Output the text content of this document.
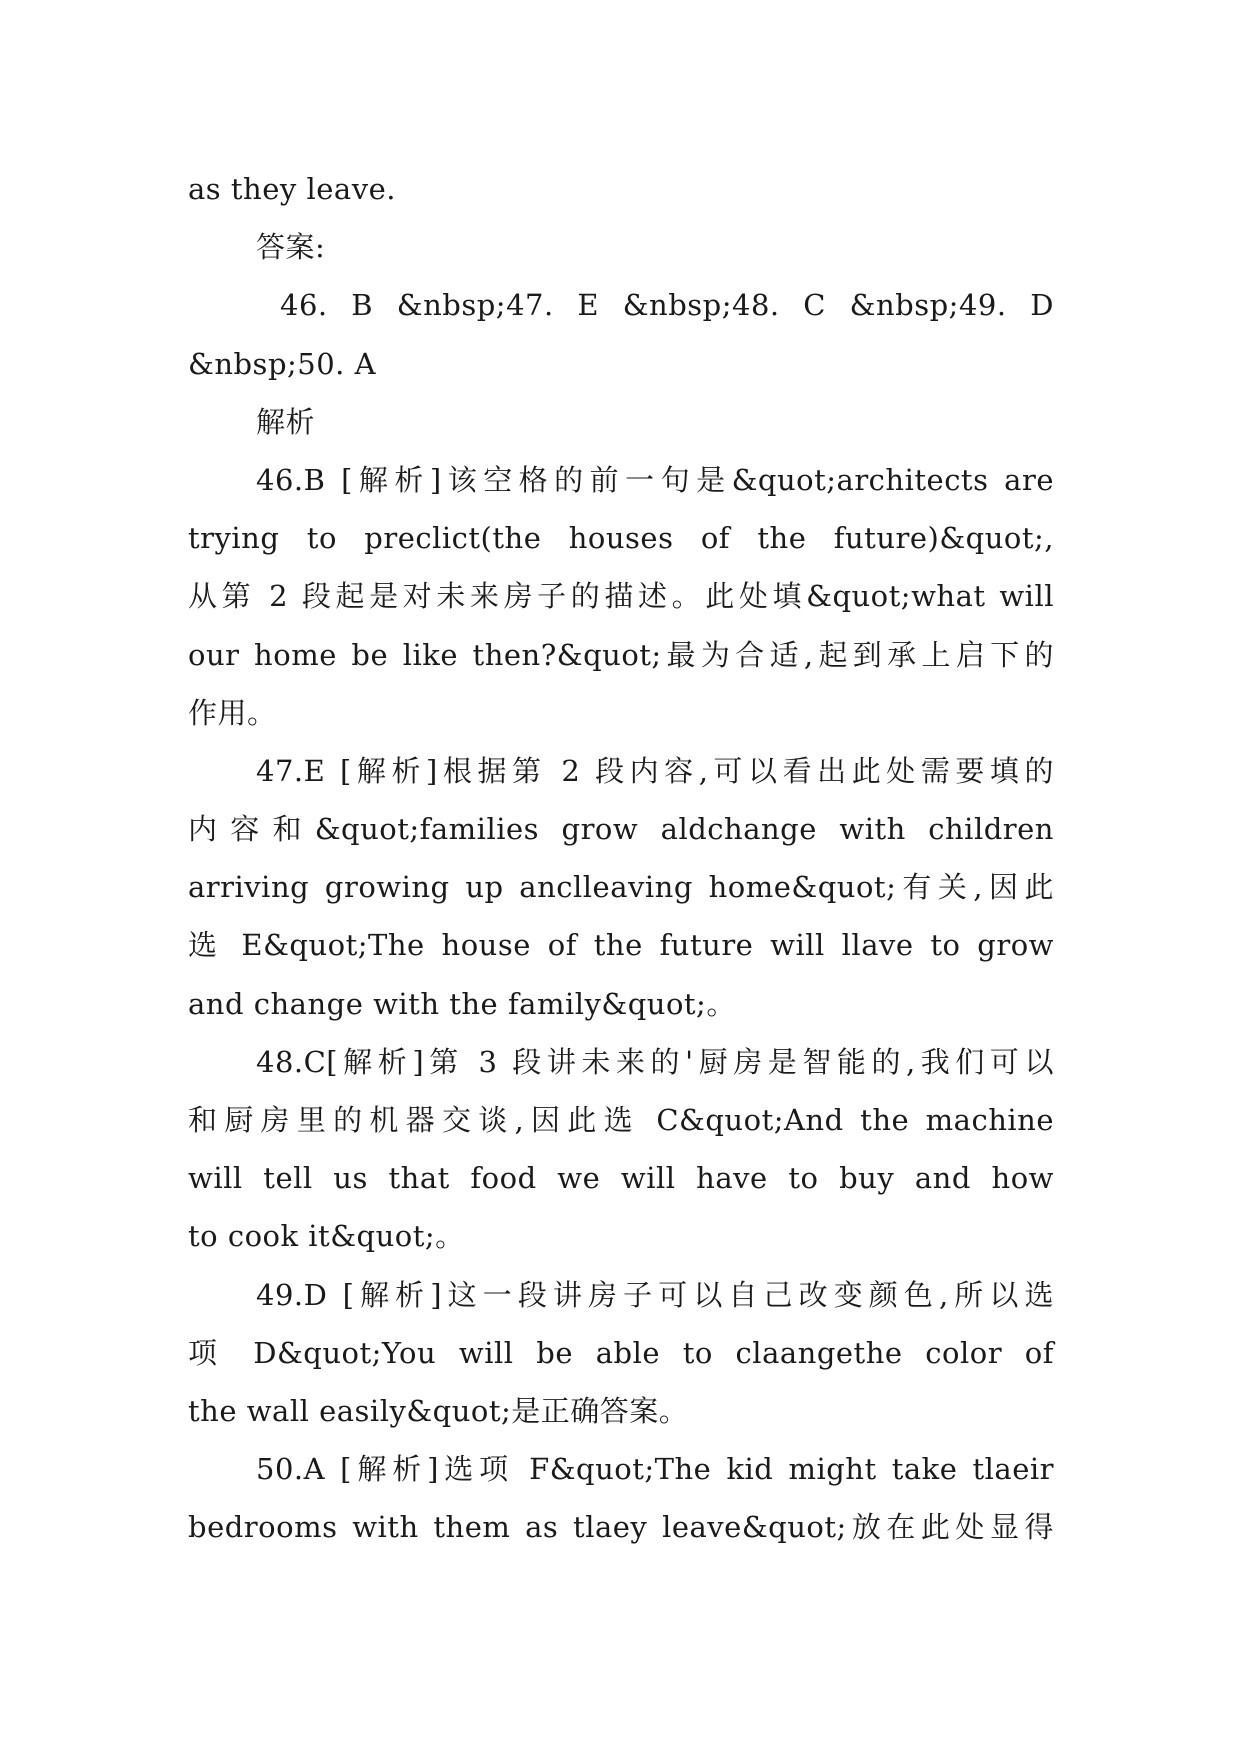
as they leave.
答案:
46. B &nbsp;47. E &nbsp;48. C &nbsp;49. D
&nbsp;50. A
解析
46.B [解析]该空格的前一句是&quot;architects are
trying to preclict(the houses of the future)&quot;,
从第 2 段起是对未来房子的描述。此处填&quot;what will
our home be like then?&quot;最为合适,起到承上启下的
作用。
47.E [解析]根据第 2 段内容,可以看出此处需要填的
内容和&quot;families grow aldchange with children
arriving growing up anclleaving home&quot;有关,因此
选 E&quot;The house of the future will llave to grow
and change with the family&quot;。
48.C[解析]第 3 段讲未来的'厨房是智能的,我们可以
和厨房里的机器交谈,因此选 C&quot;And the machine
will tell us that food we will have to buy and how
to cook it&quot;。
49.D [解析]这一段讲房子可以自己改变颜色,所以选
项 D&quot;You will be able to claangethe color of
the wall easily&quot;是正确答案。
50.A [解析]选项 F&quot;The kid might take tlaeir
bedrooms with them as tlaey leave&quot;放在此处显得
